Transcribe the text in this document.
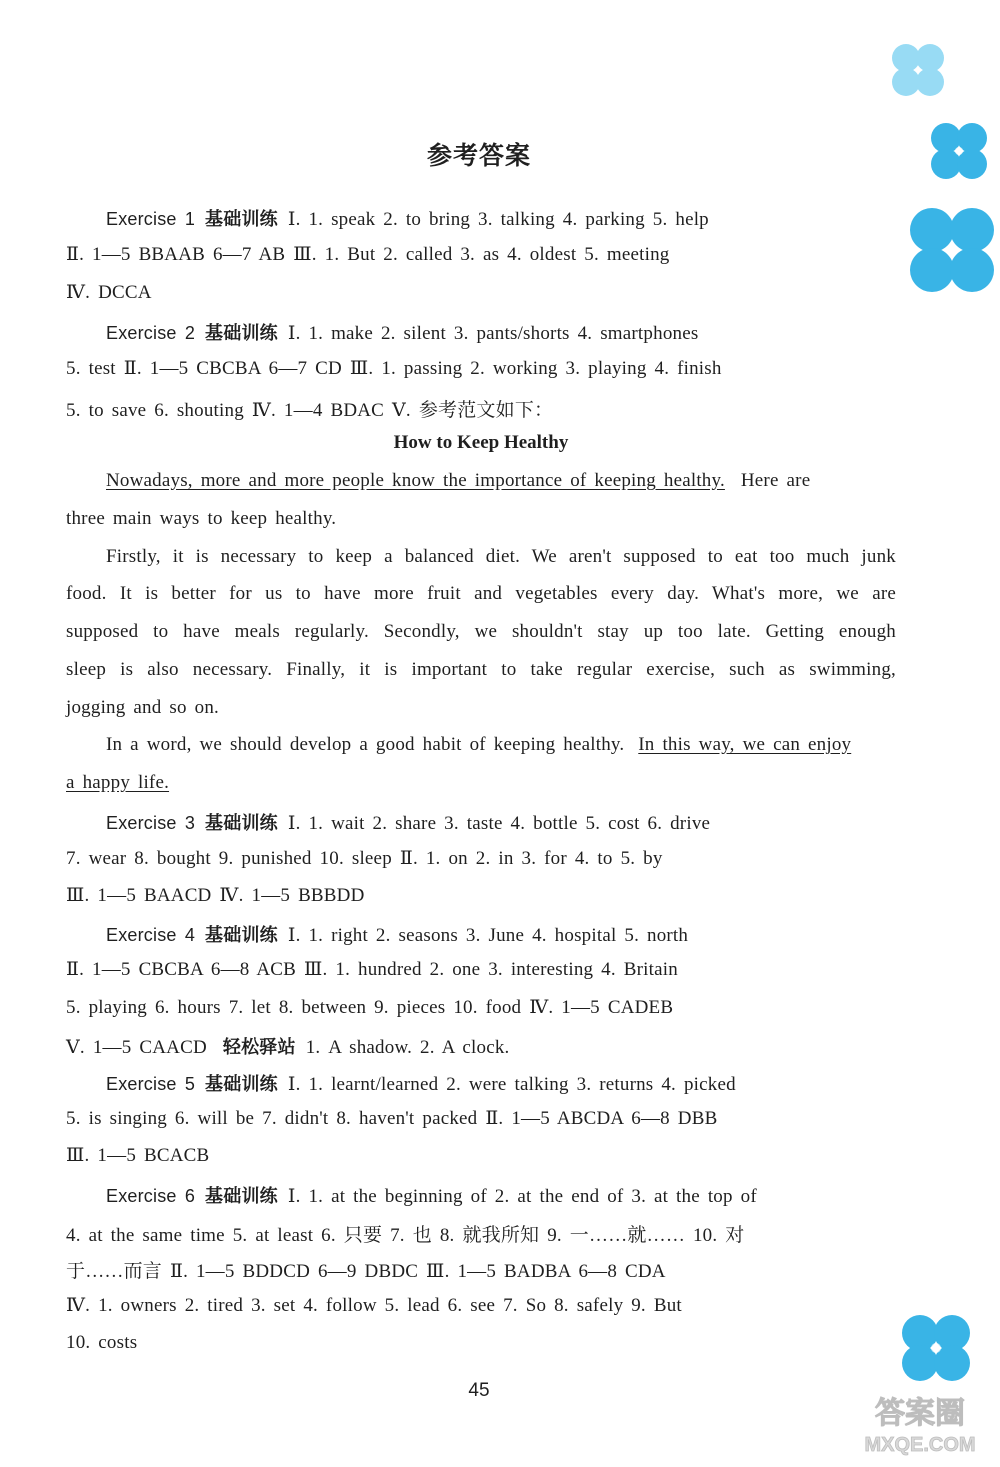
参考答案
Exercise 1 基础训练 Ⅰ. 1. speak 2. to bring 3. talking 4. parking 5. help
Ⅱ. 1—5 BBAAB 6—7 AB Ⅲ. 1. But 2. called 3. as 4. oldest 5. meeting
Ⅳ. DCCA
Exercise 2 基础训练 Ⅰ. 1. make 2. silent 3. pants/shorts 4. smartphones
5. test Ⅱ. 1—5 CBCBA 6—7 CD Ⅲ. 1. passing 2. working 3. playing 4. finish
5. to save 6. shouting Ⅳ. 1—4 BDAC Ⅴ. 参考范文如下：
How to Keep Healthy
Nowadays, more and more people know the importance of keeping healthy. Here are
three main ways to keep healthy.
Firstly, it is necessary to keep a balanced diet. We aren't supposed to eat too much junk
food. It is better for us to have more fruit and vegetables every day. What's more, we are
supposed to have meals regularly. Secondly, we shouldn't stay up too late. Getting enough
sleep is also necessary. Finally, it is important to take regular exercise, such as swimming,
jogging and so on.
In a word, we should develop a good habit of keeping healthy. In this way, we can enjoy
a happy life.
Exercise 3 基础训练 Ⅰ. 1. wait 2. share 3. taste 4. bottle 5. cost 6. drive
7. wear 8. bought 9. punished 10. sleep Ⅱ. 1. on 2. in 3. for 4. to 5. by
Ⅲ. 1—5 BAACD Ⅳ. 1—5 BBBDD
Exercise 4 基础训练 Ⅰ. 1. right 2. seasons 3. June 4. hospital 5. north
Ⅱ. 1—5 CBCBA 6—8 ACB Ⅲ. 1. hundred 2. one 3. interesting 4. Britain
5. playing 6. hours 7. let 8. between 9. pieces 10. food Ⅳ. 1—5 CADEB
Ⅴ. 1—5 CAACD 轻松驿站 1. A shadow. 2. A clock.
Exercise 5 基础训练 Ⅰ. 1. learnt/learned 2. were talking 3. returns 4. picked
5. is singing 6. will be 7. didn't 8. haven't packed Ⅱ. 1—5 ABCDA 6—8 DBB
Ⅲ. 1—5 BCACB
Exercise 6 基础训练 Ⅰ. 1. at the beginning of 2. at the end of 3. at the top of
4. at the same time 5. at least 6. 只要 7. 也 8. 就我所知 9. 一……就…… 10. 对
于……而言 Ⅱ. 1—5 BDDCD 6—9 DBDC Ⅲ. 1—5 BADBA 6—8 CDA
Ⅳ. 1. owners 2. tired 3. set 4. follow 5. lead 6. see 7. So 8. safely 9. But
10. costs
45
答案圈
MXQE.COM
